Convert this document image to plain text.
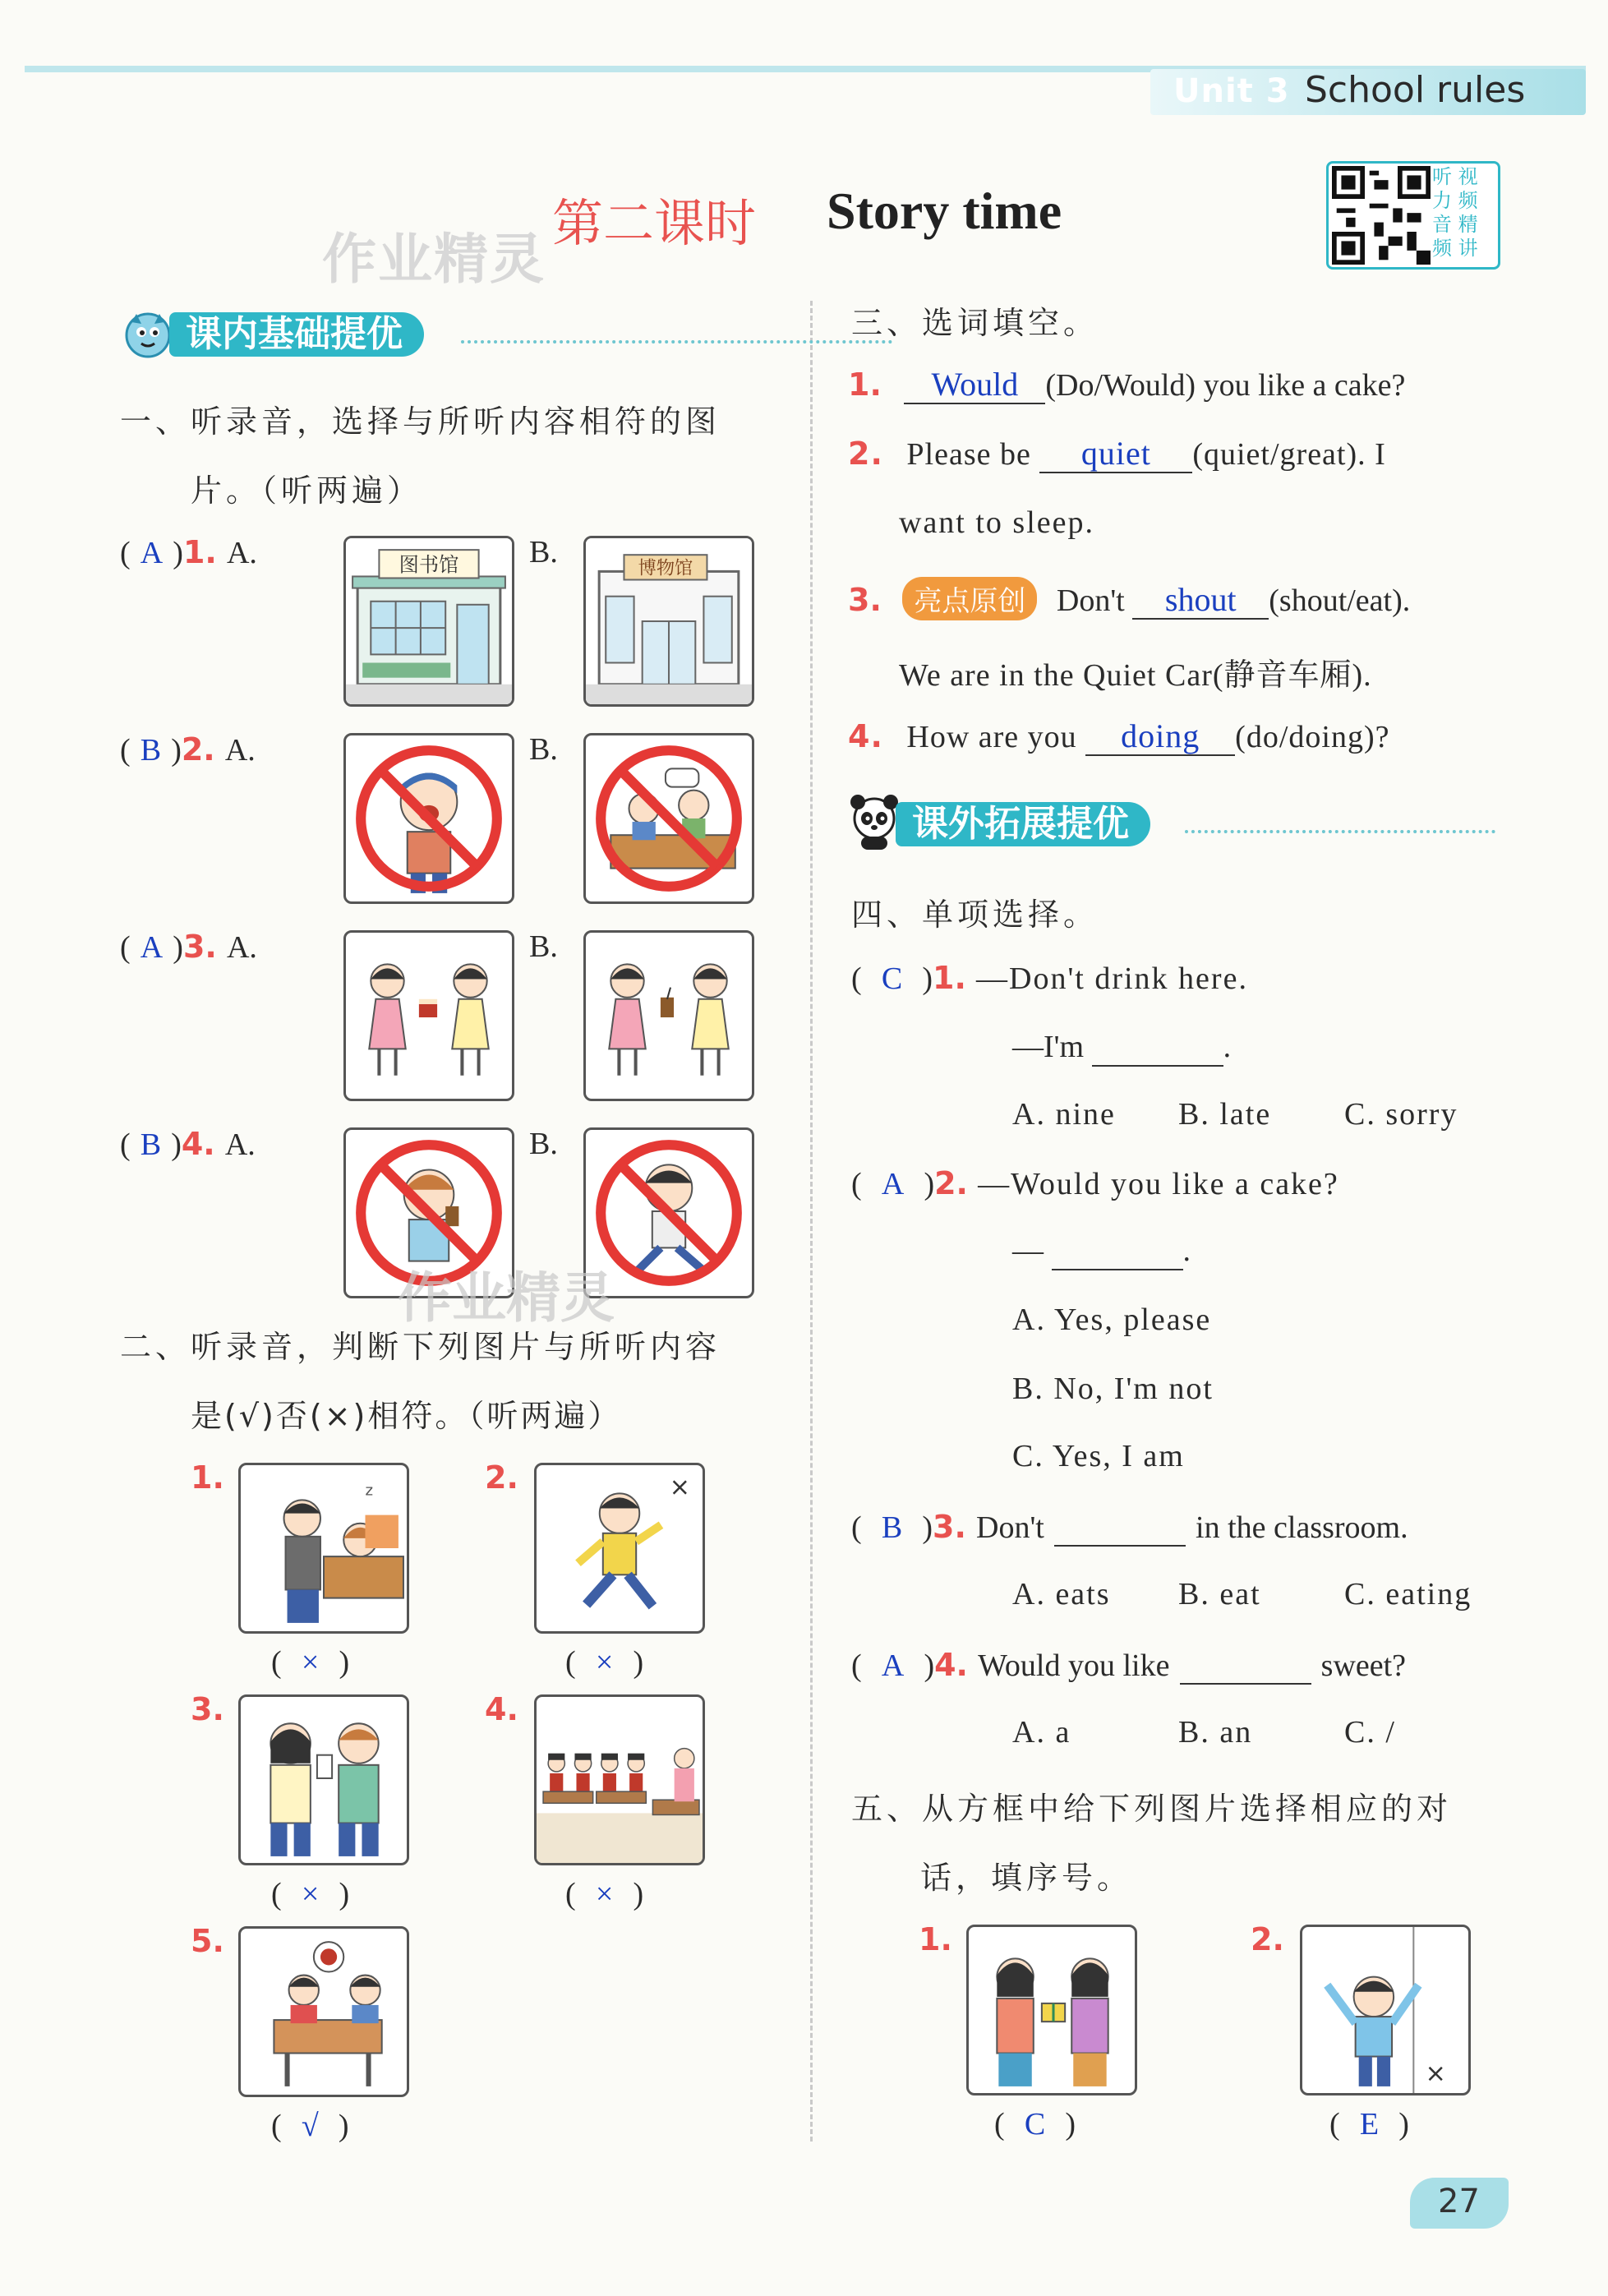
Unit 3 School rules
作业精灵
第二课时 Story time
听 视
力 频
音 精
频 讲
课内基础提优
一、听录音，选择与所听内容相符的图
片。（听两遍）
( A )1. A.	B.
图书馆	博物馆
( B )2. A.	B.
( A )3. A.	B.
( B )4. A.	B.
作业精灵
二、听录音，判断下列图片与所听内容
是(√)否(×)相符。（听两遍）
1.	z
( × )
2.	×
( × )
3.
( × )
4.
( × )
5.
( √ )
三、选词填空。
1. Would (Do/Would) you like a cake?
2. Please be quiet (quiet/great). I
want to sleep.
3. 亮点原创 Don't shout (shout/eat).
We are in the Quiet Car(静音车厢).
4. How are you doing (do/doing)?
课外拓展提优
四、单项选择。
( C )1. —Don't drink here.
—I'm	.
A. nine B. late C. sorry
( A )2. —Would you like a cake?
—	.
A. Yes, please
B. No, I'm not
C. Yes, I am
( B )3. Don't	in the classroom.
A. eats B. eat	C. eating
( A )4. Would you like	sweet?
A. a	B. an	C. /
五、从方框中给下列图片选择相应的对
话，填序号。
1.
( C )
2.
×
( E )
27
